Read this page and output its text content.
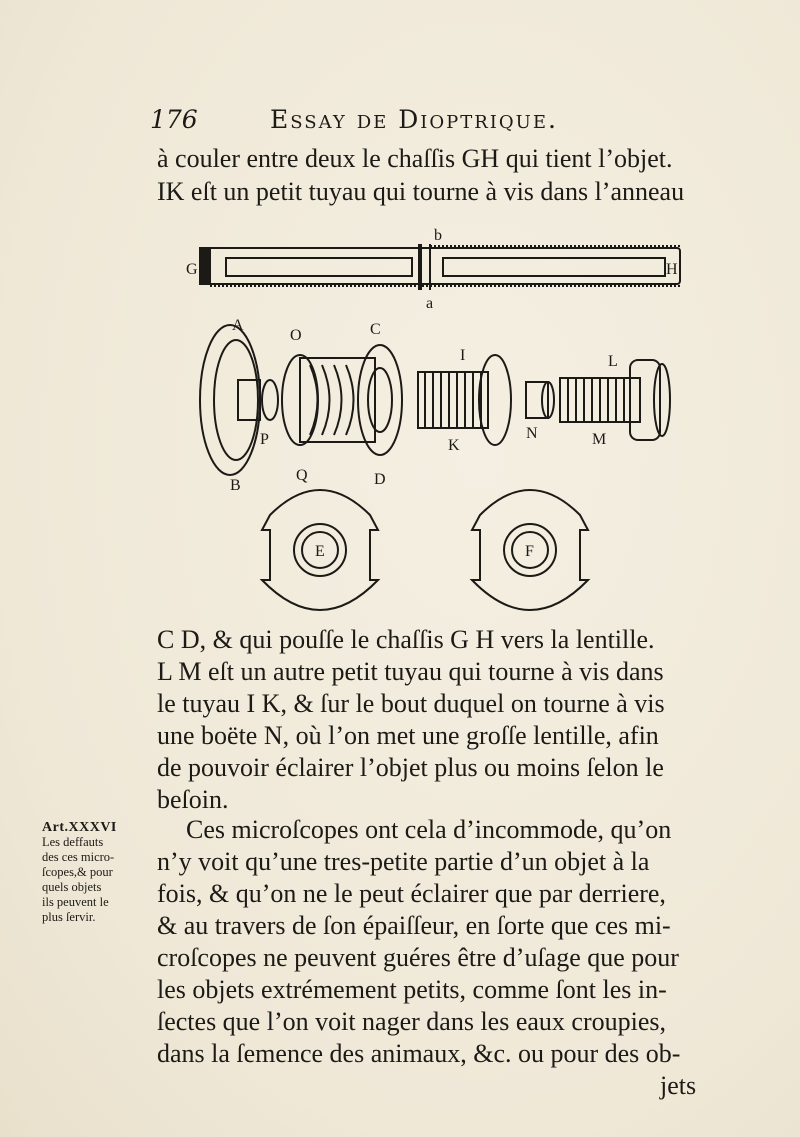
176	Essay de Dioptrique.
à couler entre deux le chaſſis GH qui tient l’objet.
IK eſt un petit tuyau qui tourne à vis dans l’anneau
b
a
G	H
A
O	C
I	L
P	N
K	M
B
Q	D
E	F
C D, & qui pouſſe le chaſſis G H vers la lentille.
L M eſt un autre petit tuyau qui tourne à vis dans
le tuyau I K, & ſur le bout duquel on tourne à vis
une boëte N, où l’on met une groſſe lentille, afin
de pouvoir éclairer l’objet plus ou moins ſelon le
beſoin.
Ces microſcopes ont cela d’incommode, qu’on
n’y voit qu’une tres-petite partie d’un objet à la
fois, & qu’on ne le peut éclairer que par derriere,
& au travers de ſon épaiſſeur, en ſorte que ces mi-
croſcopes ne peuvent guéres être d’uſage que pour
les objets extrémement petits, comme ſont les in-
ſectes que l’on voit nager dans les eaux croupies,
dans la ſemence des animaux, &c. ou pour des ob-
jets
Art.XXXVI
Les deffauts
des ces micro-
ſcopes,& pour
quels objets
ils peuvent le
plus ſervir.
